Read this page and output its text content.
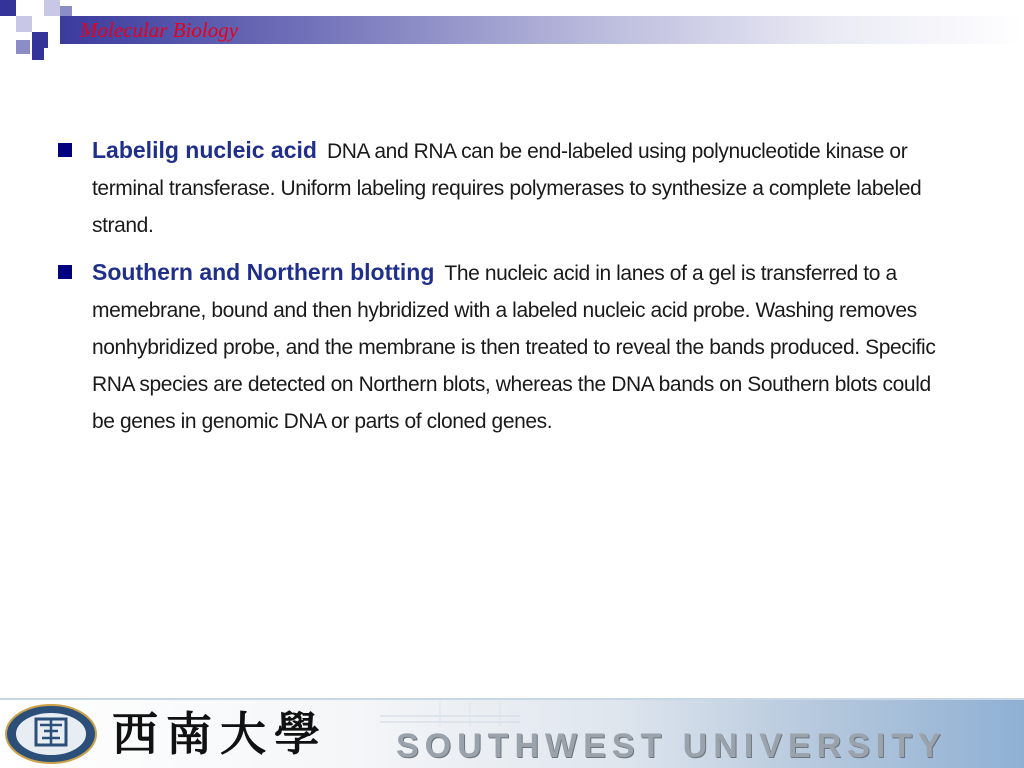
Molecular Biology
Labelilg nucleic acid DNA and RNA can be end-labeled using polynucleotide kinase or terminal transferase. Uniform labeling requires polymerases to synthesize a complete labeled strand.
Southern and Northern blotting The nucleic acid in lanes of a gel is transferred to a memebrane, bound and then hybridized with a labeled nucleic acid probe. Washing removes nonhybridized probe, and the membrane is then treated to reveal the bands produced. Specific RNA species are detected on Northern blots, whereas the DNA bands on Southern blots could be genes in genomic DNA or parts of cloned genes.
西南大學 SOUTHWEST UNIVERSITY
